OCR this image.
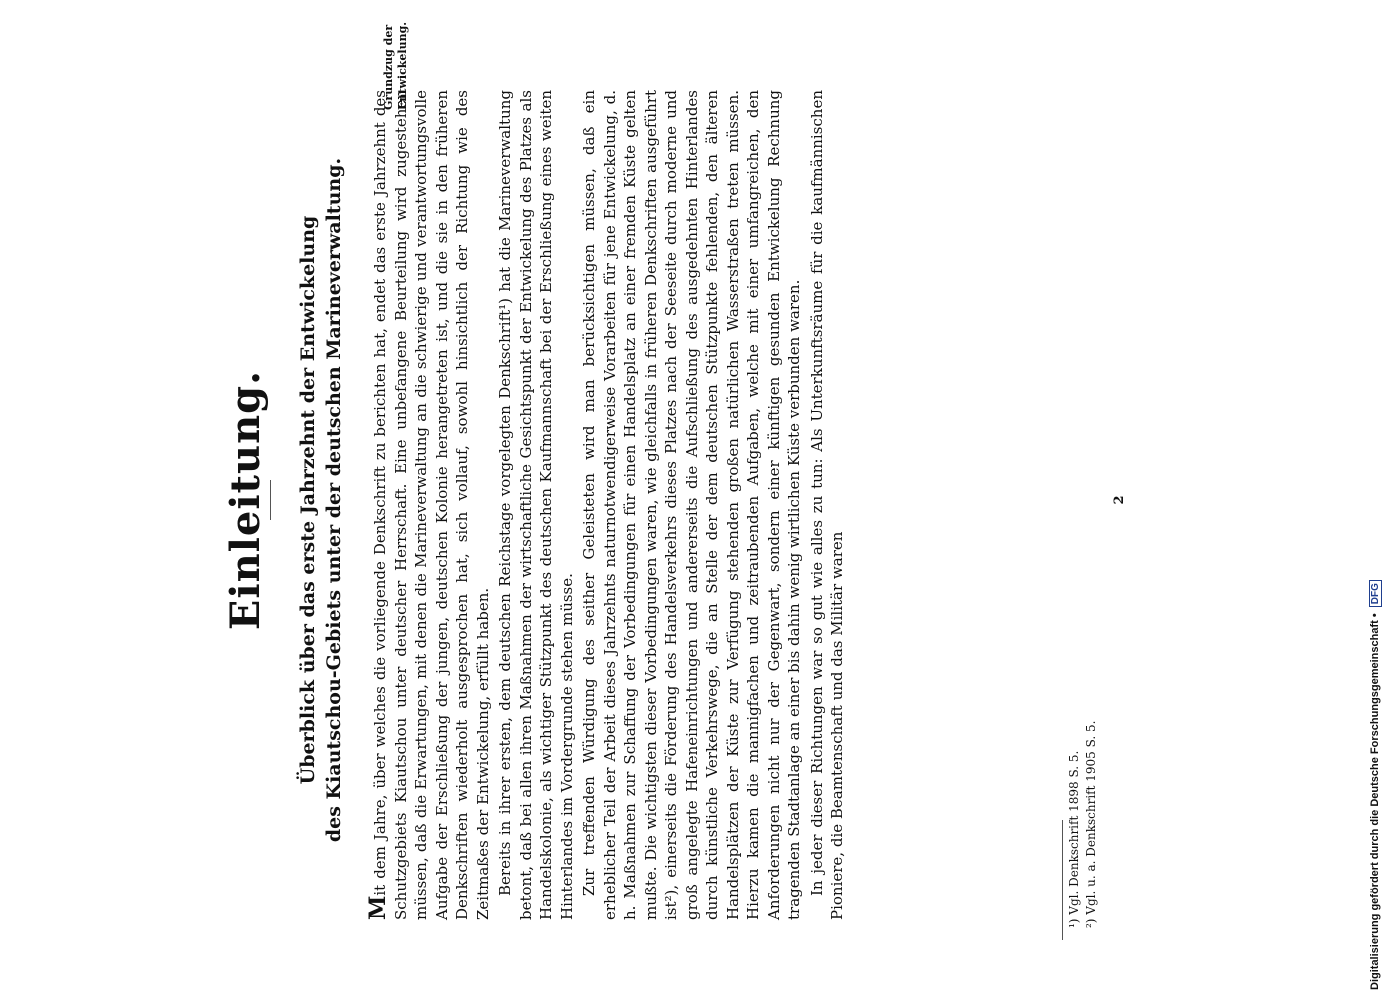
Einleitung. Überblick über das erste Jahrzehnt der Entwickelung des Kiautschou-Gebiets unter der deutschen Marineverwaltung.

Mit dem Jahre, über welches die vorliegende Denkschrift zu berichten hat, endet das erste Jahrzehnt des Schutzgebiets Kiautschou unter deutscher Herrschaft. Eine unbefangene Beurteilung wird zugestehen müssen, daß die Erwartungen, mit denen die Marineverwaltung an die schwierige und verantwortungsvolle Aufgabe der Erschließung der jungen, deutschen Kolonie herangetreten ist, und die sie in den früheren Denkschriften wiederholt ausgesprochen hat, sich vollauf, sowohl hinsichtlich der Richtung wie des Zeitmaßes der Entwickelung, erfüllt haben. Bereits in ihrer ersten, dem deutschen Reichstage vorgelegten Denkschrift¹) hat die Marineverwaltung betont, daß bei allen ihren Maßnahmen der wirtschaftliche Gesichtspunkt der Entwickelung des Platzes als Handelskolonie, als wichtiger Stützpunkt des deutschen Kaufmannschaft bei der Erschließung eines weiten Hinterlandes im Vordergrunde stehen müsse. Zur treffenden Würdigung des seither Geleisteten wird man berücksichtigen müssen, daß ein erheblicher Teil der Arbeit dieses Jahrzehnts naturnotwendigerweise Vorarbeiten für jene Entwickelung, d. h. Maßnahmen zur Schaffung der Vorbedingungen für einen Handelsplatz an einer fremden Küste gelten mußte. Die wichtigsten dieser Vorbedingungen waren, wie gleichfalls in früheren Denkschriften ausgeführt ist²), einerseits die Förderung des Handelsverkehrs dieses Platzes nach der Seeseite durch moderne und groß angelegte Hafeneinrichtungen und andererseits die Aufschließung des ausgedehnten Hinterlandes durch künstliche Verkehrswege, die an Stelle der dem deutschen Stützpunkte fehlenden, den älteren Handelsplätzen der Küste zur Verfügung stehenden großen natürlichen Wasserstraßen treten müssen. Hierzu kamen die mannigfachen und zeitraubenden Aufgaben, welche mit einer umfangreichen, den Anforderungen nicht nur der Gegenwart, sondern einer künftigen gesunden Entwickelung Rechnung tragenden Stadtanlage an einer bis dahin wenig wirtlichen Küste verbunden waren. In jeder dieser Richtungen war so gut wie alles zu tun: Als Unterkunftsräume für die kaufmännischen Pioniere, die Beamtenschaft und das Militär waren

Grundzug der Entwickelung.
¹) Vgl. Denkschrift 1898 S. 5. ²) Vgl. u. a. Denkschrift 1905 S. 5.
2
Digitalisierung gefördert durch die Deutsche Forschungsgemeinschaft • DFG
